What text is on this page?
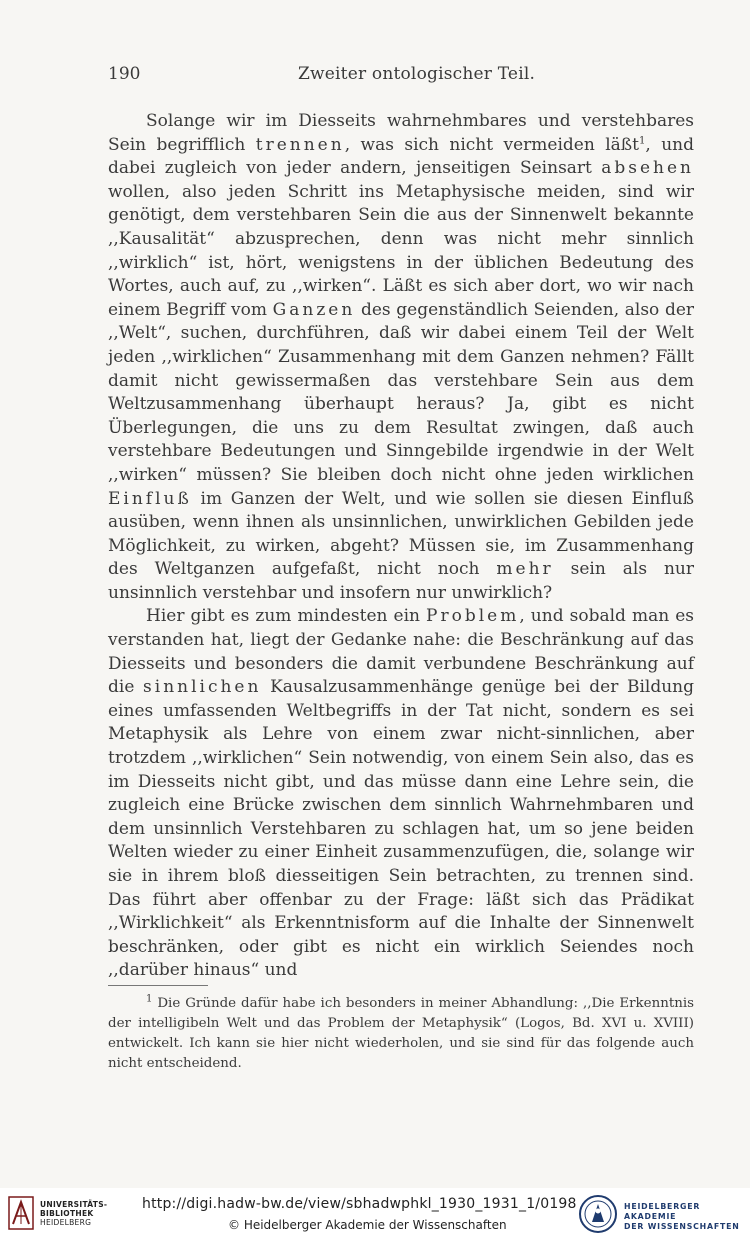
190	Zweiter ontologischer Teil.

Solange wir im Diesseits wahrnehmbares und verstehbares Sein begrifflich trennen, was sich nicht vermeiden läßt$^1$, und dabei zugleich von jeder andern, jenseitigen Seinsart absehen wollen, also jeden Schritt ins Metaphysische meiden, sind wir genötigt, dem verstehbaren Sein die aus der Sinnenwelt bekannte ,,Kausalität“ abzusprechen, denn was nicht mehr sinnlich ,,wirklich“ ist, hört, wenigstens in der üblichen Bedeutung des Wortes, auch auf, zu ,,wirken“. Läßt es sich aber dort, wo wir nach einem Begriff vom Ganzen des gegenständlich Seienden, also der ,,Welt“, suchen, durchführen, daß wir dabei einem Teil der Welt jeden ,,wirklichen“ Zusammenhang mit dem Ganzen nehmen? Fällt damit nicht gewissermaßen das verstehbare Sein aus dem Weltzusammenhang überhaupt heraus? Ja, gibt es nicht Überlegungen, die uns zu dem Resultat zwingen, daß auch verstehbare Bedeutungen und Sinngebilde irgendwie in der Welt ,,wirken“ müssen? Sie bleiben doch nicht ohne jeden wirklichen Einfluß im Ganzen der Welt, und wie sollen sie diesen Einfluß ausüben, wenn ihnen als unsinnlichen, unwirklichen Gebilden jede Möglichkeit, zu wirken, abgeht? Müssen sie, im Zusammenhang des Weltganzen aufgefaßt, nicht noch mehr sein als nur unsinnlich verstehbar und insofern nur unwirklich?

Hier gibt es zum mindesten ein Problem, und sobald man es verstanden hat, liegt der Gedanke nahe: die Beschränkung auf das Diesseits und besonders die damit verbundene Beschränkung auf die sinnlichen Kausalzusammenhänge genüge bei der Bildung eines umfassenden Weltbegriffs in der Tat nicht, sondern es sei Metaphysik als Lehre von einem zwar nicht-sinnlichen, aber trotzdem ,,wirklichen“ Sein notwendig, von einem Sein also, das es im Diesseits nicht gibt, und das müsse dann eine Lehre sein, die zugleich eine Brücke zwischen dem sinnlich Wahrnehmbaren und dem unsinnlich Verstehbaren zu schlagen hat, um so jene beiden Welten wieder zu einer Einheit zusammenzufügen, die, solange wir sie in ihrem bloß diesseitigen Sein betrachten, zu trennen sind. Das führt aber offenbar zu der Frage: läßt sich das Prädikat ,,Wirklichkeit“ als Erkenntnisform auf die Inhalte der Sinnenwelt beschränken, oder gibt es nicht ein wirklich Seiendes noch ,,darüber hinaus“ und

$^1$ Die Gründe dafür habe ich besonders in meiner Abhandlung: ,,Die Erkenntnis der intelligibeln Welt und das Problem der Metaphysik“ (Logos, Bd. XVI u. XVIII) entwickelt. Ich kann sie hier nicht wiederholen, und sie sind für das folgende auch nicht entscheidend.

UNIVERSITÄTS-
BIBLIOTHEK
HEIDELBERG
http://digi.hadw-bw.de/view/sbhadwphkl_1930_1931_1/0198
© Heidelberger Akademie der Wissenschaften
HEIDELBERGER AKADEMIE
DER WISSENSCHAFTEN
